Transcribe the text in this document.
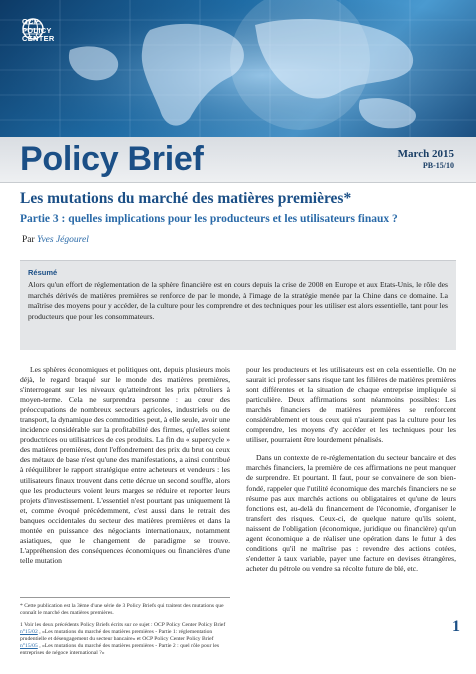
OCP
POLICY
CENTER
Policy Brief	March 2015
PB-15/10
Les mutations du marché des matières premières*
Partie 3 : quelles implications pour les producteurs et les utilisateurs finaux ?
Par Yves Jégourel
Résumé
Alors qu'un effort de réglementation de la sphère financière est en cours depuis la crise de 2008 en Europe et aux Etats-Unis, le rôle des marchés dérivés de matières premières se renforce de par le monde, à l'image de la stratégie menée par la Chine dans ce domaine. La maîtrise des moyens pour y accéder, de la culture pour les comprendre et des techniques pour les utiliser est alors essentielle, tant pour les producteurs que pour les consommateurs.

Les sphères économiques et politiques ont, depuis plusieurs mois déjà, le regard braqué sur le monde des matières premières, s'interrogeant sur les niveaux qu'atteindront les prix pétroliers à moyen-terme. Cela ne surprendra personne : au cœur des préoccupations de nombreux secteurs agricoles, industriels ou de transport, la dynamique des commodities peut, à elle seule, avoir une incidence considérable sur la profitabilité des firmes, qu'elles soient productrices ou utilisatrices de ces produits. La fin du « supercycle » des matières premières, dont l'effondrement des prix du brut ou ceux des métaux de base n'est qu'une des manifestations, a ainsi contribué à rééquilibrer le rapport stratégique entre acheteurs et vendeurs : les utilisateurs finaux trouvent dans cette décrue un second souffle, alors que les producteurs voient leurs marges se réduire et reporter leurs projets d'investissement. L'essentiel n'est pourtant pas uniquement là et, comme évoqué précédemment, c'est aussi dans le retrait des banques occidentales du secteur des matières premières et dans la montée en puissance des négociants internationaux, notamment asiatiques, que le changement de paradigme se trouve. L'appréhension des conséquences économiques ou financières d'une telle mutation

pour les producteurs et les utilisateurs est en cela essentielle. On ne saurait ici professer sans risque tant les filières de matières premières sont différentes et la situation de chaque entreprise impliquée si particulière. Deux affirmations sont néanmoins possibles: Les marchés financiers de matières premières se renforcent considérablement et tous ceux qui n'auraient pas la culture pour les comprendre, les moyens d'y accéder et les techniques pour les utiliser, pourraient être lourdement pénalisés.

Dans un contexte de re-réglementation du secteur bancaire et des marchés financiers, la première de ces affirmations ne peut manquer de surprendre. Et pourtant. Il faut, pour se convainere de son bien-fondé, rappeler que l'utilité économique des marchés financiers ne se résume pas aux marchés actions ou obligataires et qu'une de leurs fonctions est, au-delà du financement de l'économie, d'organiser le transfert des risques. Ceux-ci, de quelque nature qu'ils soient, naissent de l'obligation (économique, juridique ou financière) qu'un agent économique a de réaliser une opération dans le futur à des conditions qu'il ne maîtrise pas : revendre des actions cotées, s'endetter à taux variable, payer une facture en devises étrangères, acheter du pétrole ou vendre sa récolte future de blé, etc.

* Cette publication est la 3ème d'une série de 3 Policy Briefs qui traitent des mutations que connaît le marché des matières premières.

1 Voir les deux précédents Policy Briefs écrits sur ce sujet : OCP Policy Center Policy Brief n°15/02 , «Les mutations du marché des matières premières - Partie 1: réglementation prudentielle et désengagement du secteur bancaire» et OCP Policy Center Policy Brief n°15/05 , «Les mutations du marché des matières premières - Partie 2 : quel rôle pour les entreprises de négoce international ?»

1
